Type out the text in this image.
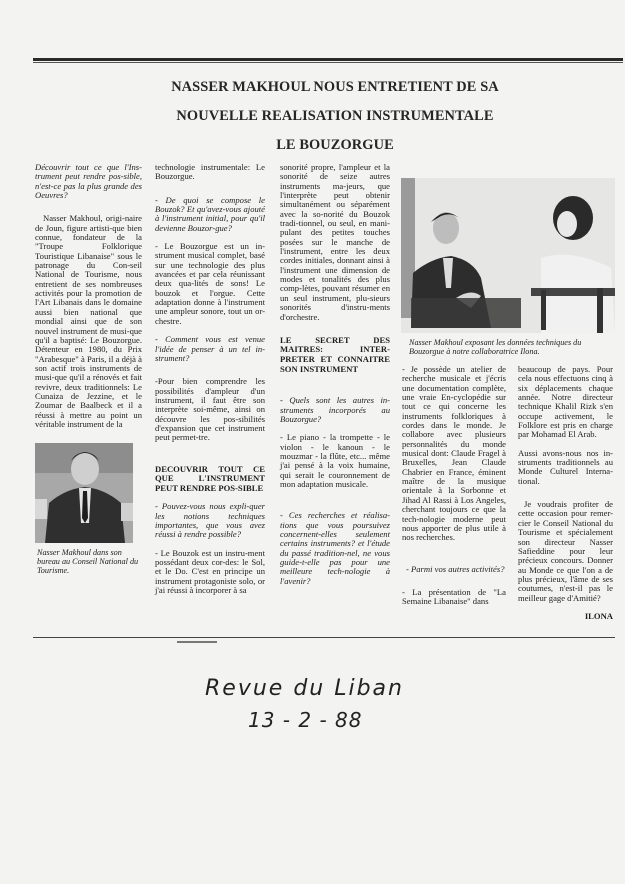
NASSER MAKHOUL NOUS ENTRETIENT DE SA
NOUVELLE REALISATION INSTRUMENTALE
LE BOUZORGUE

Découvrir tout ce que l'Ins-trument peut rendre pos-sible, n'est-ce pas la plus grande des Oeuvres?

Nasser Makhoul, origi-naire de Joun, figure artisti-que bien connue, fondateur de la "Troupe Folklorique Touristique Libanaise" sous le patronage du Con-seil National de Tourisme, nous entretient de ses nombreuses activités pour la promotion de l'Art Libanais dans le domaine aussi bien national que mondial ainsi que de son nouvel instrument de musi-que qu'il a baptisé: Le Bouzorgue. Détenteur en 1980, du Prix "Arabesque" à Paris, il a déjà à son actif trois instruments de musi-que qu'il a rénovés et fait revivre, deux traditionnels: Le Cunaiza de Jezzine, et le Zoumar de Baalbeck et il a réussi à mettre au point un véritable instrument de la

Nasser Makhoul dans son bureau au Conseil National du Tourisme.

technologie instrumentale: Le Bouzorgue.

- De quoi se compose le Bouzok? Et qu'avez-vous ajouté à l'instrument initial, pour qu'il devienne Bouzor-gue?

- Le Bouzorgue est un in-strument musical complet, basé sur une technologie des plus avancées et par cela réunissant deux qua-lités de sons! Le bouzok et l'orgue. Cette adaptation donne à l'instrument une ampleur sonore, tout un or-chestre.

- Comment vous est venue l'idée de penser à un tel in-strument?

-Pour bien comprendre les possibilités d'ampleur d'un instrument, il faut être son interprète soi-même, ainsi on découvre les pos-sibilités d'expansion que cet instrument peut permet-tre.

DECOUVRIR TOUT CE QUE L'INSTRUMENT PEUT RENDRE POS-SIBLE

- Pouvez-vous nous expli-quer les notions techniques importantes, que vous avez réussi à rendre possible?

- Le Bouzok est un instru-ment possédant deux cor-des: le Sol, et le Do. C'est en principe un instrument protagoniste solo, or j'ai réussi à incorporer à sa

sonorité propre, l'ampleur et la sonorité de seize autres instruments ma-jeurs, que l'interprète peut obtenir simultanément ou séparément avec la so-norité du Bouzok tradi-tionnel, ou seul, en mani-pulant des petites touches posées sur le manche de l'instrument, entre les deux cordes initiales, donnant ainsi à l'instrument une dimension de modes et tonalités des plus comp-lètes, pouvant résumer en un seul instrument, plu-sieurs sonorités d'instru-ments d'orchestre.

LE SECRET DES MAITRES: INTER-PRETER ET CONNAITRE SON INSTRUMENT

- Quels sont les autres in-struments incorporés au Bouzorgue?

- Le piano - la trompette - le violon - le kanoun - le mouzmar - la flûte, etc... même j'ai pensé à la voix humaine, qui serait le couronnement de mon adaptation musicale.

- Ces recherches et réalisa-tions que vous poursuivez concernent-elles seulement certains instruments? et l'étude du passé tradition-nel, ne vous guide-t-elle pas pour une meilleure tech-nologie à l'avenir?

Nasser Makhoul exposant les données techniques du Bouzorgue à notre collaboratrice Ilona.

- Je possède un atelier de recherche musicale et j'écris une documentation complète, une vraie En-cyclopédie sur tout ce qui concerne les instruments folkloriques à cordes dans le monde. Je collabore avec plusieurs personnalités du monde musical dont: Claude Fragel à Bruxelles, Jean Claude Chabrier en France, éminent maître de la musique orientale à la Sorbonne et Jihad Al Rassi à Los Angeles, cherchant toujours ce que la tech-nologie moderne peut nous apporter de plus utile à nos recherches.

- Parmi vos autres activités?

- La présentation de "La Semaine Libanaise" dans

beaucoup de pays. Pour cela nous effectuons cinq à six déplacements chaque année. Notre directeur technique Khalil Rizk s'en occupe activement, le Folklore est pris en charge par Mohamad El Arab.

Aussi avons-nous nos in-struments traditionnels au Monde Culturel Interna-tional.

Je voudrais profiter de cette occasion pour remer-cier le Conseil National du Tourisme et spécialement son directeur Nasser Safieddine pour leur précieux concours. Donner au Monde ce que l'on a de plus précieux, l'âme de ses coutumes, n'est-il pas le meilleur gage d'Amitié?

ILONA

Revue du Liban
13 - 2 - 88
